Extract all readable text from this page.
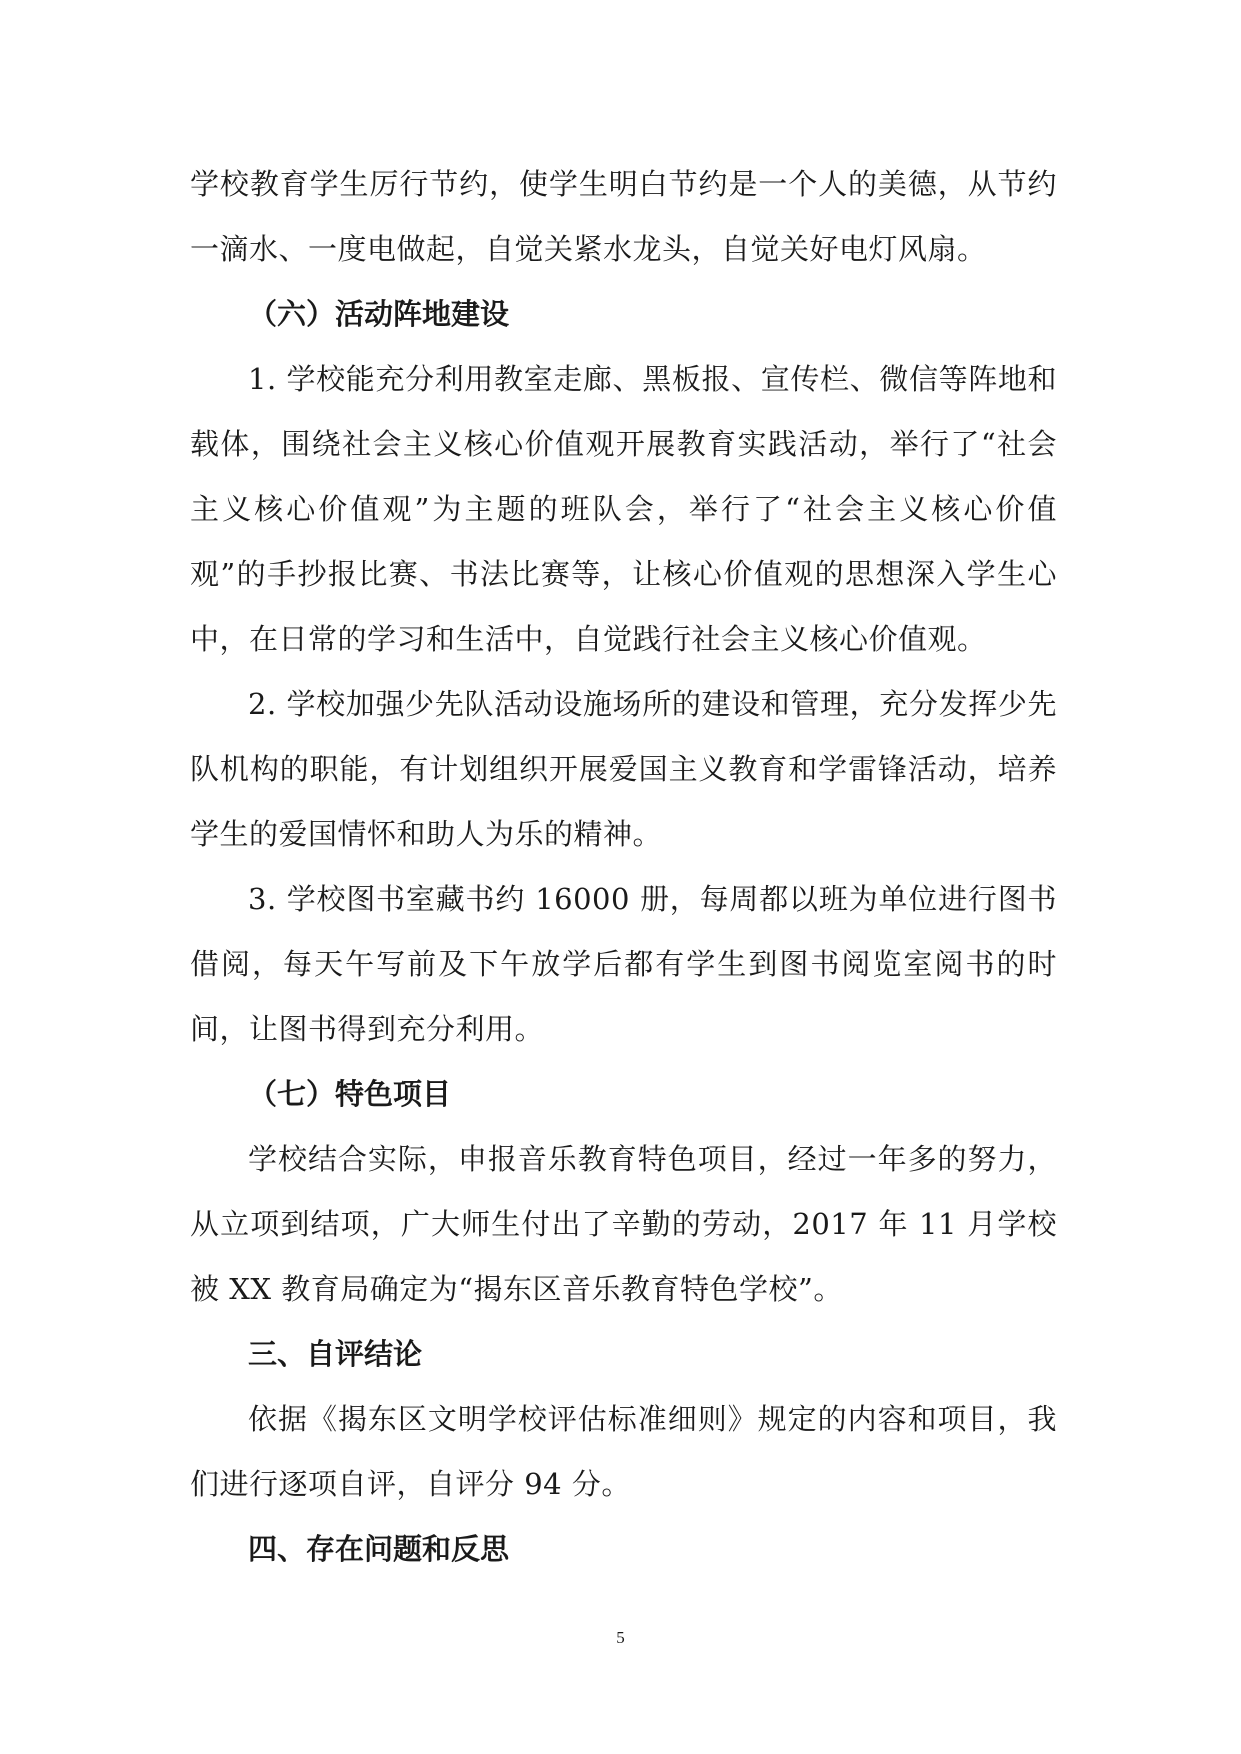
学校教育学生厉行节约，使学生明白节约是一个人的美德，从节约一滴水、一度电做起，自觉关紧水龙头，自觉关好电灯风扇。

（六）活动阵地建设

1. 学校能充分利用教室走廊、黑板报、宣传栏、微信等阵地和载体，围绕社会主义核心价值观开展教育实践活动，举行了“社会主义核心价值观”为主题的班队会，举行了“社会主义核心价值观”的手抄报比赛、书法比赛等，让核心价值观的思想深入学生心中，在日常的学习和生活中，自觉践行社会主义核心价值观。

2. 学校加强少先队活动设施场所的建设和管理，充分发挥少先队机构的职能，有计划组织开展爱国主义教育和学雷锋活动，培养学生的爱国情怀和助人为乐的精神。

3. 学校图书室藏书约 16000 册，每周都以班为单位进行图书借阅，每天午写前及下午放学后都有学生到图书阅览室阅书的时间，让图书得到充分利用。

（七）特色项目

学校结合实际，申报音乐教育特色项目，经过一年多的努力，从立项到结项，广大师生付出了辛勤的劳动，2017 年 11 月学校被 XX 教育局确定为“揭东区音乐教育特色学校”。

三、自评结论

依据《揭东区文明学校评估标准细则》规定的内容和项目，我们进行逐项自评，自评分 94 分。

四、存在问题和反思

5
